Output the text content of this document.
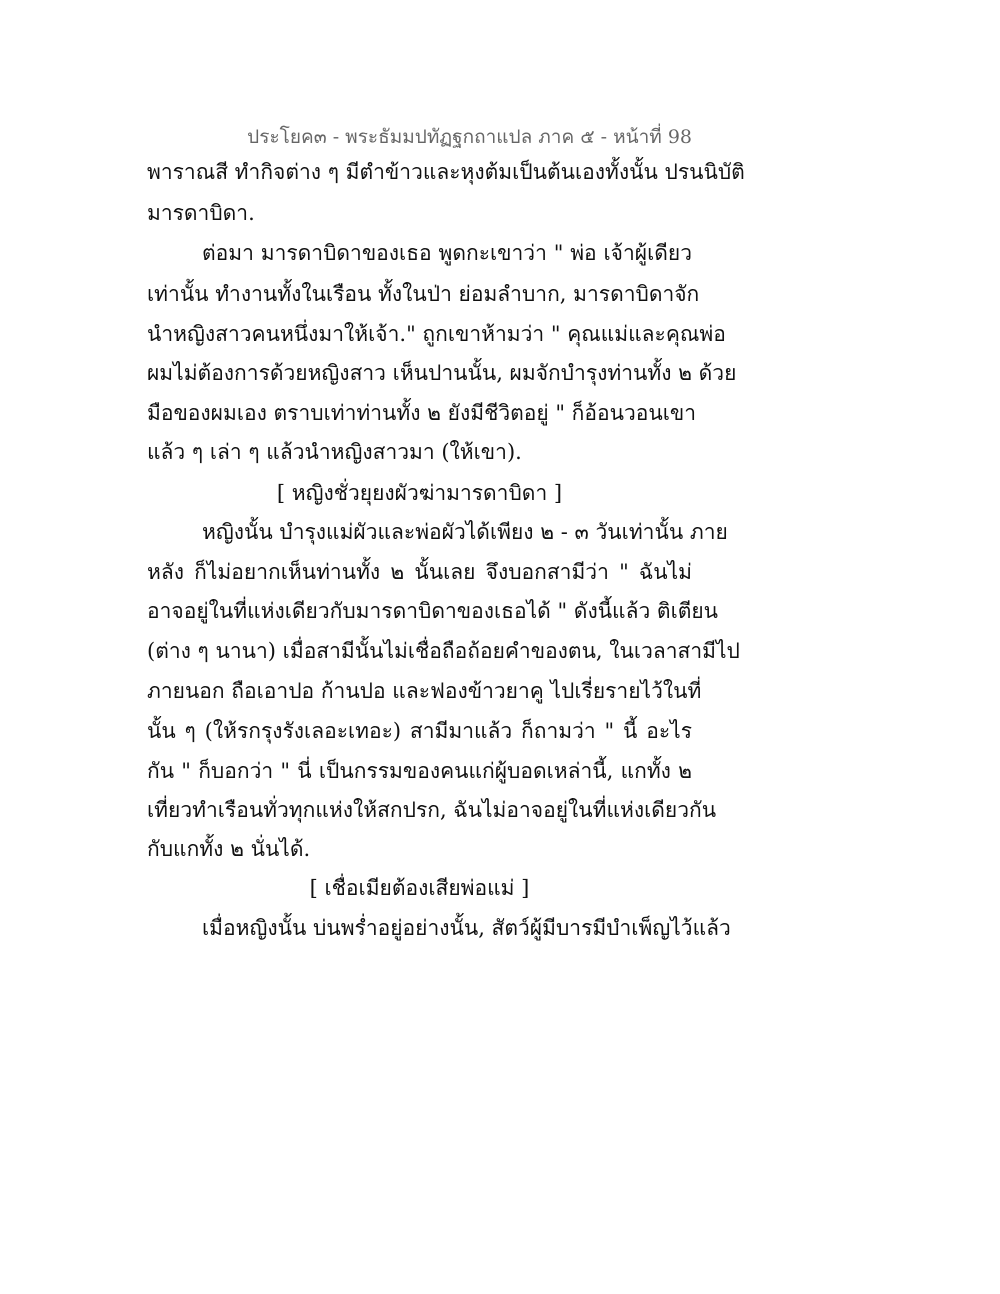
ประโยค๓ - พระธัมมปทัฏฐกถาแปล ภาค ๕ - หน้าที่ 98
พาราณสี ทำกิจต่าง ๆ มีตำข้าวและหุงต้มเป็นต้นเองทั้งนั้น ปรนนิบัติ
มารดาบิดา.
ต่อมา มารดาบิดาของเธอ พูดกะเขาว่า " พ่อ เจ้าผู้เดียว
เท่านั้น ทำงานทั้งในเรือน ทั้งในป่า ย่อมลำบาก, มารดาบิดาจัก
นำหญิงสาวคนหนึ่งมาให้เจ้า." ถูกเขาห้ามว่า " คุณแม่และคุณพ่อ
ผมไม่ต้องการด้วยหญิงสาว เห็นปานนั้น, ผมจักบำรุงท่านทั้ง ๒ ด้วย
มือของผมเอง ตราบเท่าท่านทั้ง ๒ ยังมีชีวิตอยู่ " ก็อ้อนวอนเขา
แล้ว ๆ เล่า ๆ แล้วนำหญิงสาวมา (ให้เขา).
[ หญิงชั่วยุยงผัวฆ่ามารดาบิดา ]
หญิงนั้น บำรุงแม่ผัวและพ่อผัวได้เพียง ๒ - ๓ วันเท่านั้น ภาย
หลัง ก็ไม่อยากเห็นท่านทั้ง ๒ นั้นเลย จึงบอกสามีว่า " ฉันไม่
อาจอยู่ในที่แห่งเดียวกับมารดาบิดาของเธอได้ " ดังนี้แล้ว ติเตียน
(ต่าง ๆ นานา) เมื่อสามีนั้นไม่เชื่อถือถ้อยคำของตน, ในเวลาสามีไป
ภายนอก ถือเอาปอ ก้านปอ และฟองข้าวยาคู ไปเรี่ยรายไว้ในที่
นั้น ๆ (ให้รกรุงรังเลอะเทอะ) สามีมาแล้ว ก็ถามว่า " นี้ อะไร
กัน " ก็บอกว่า " นี่ เป็นกรรมของคนแก่ผู้บอดเหล่านี้, แกทั้ง ๒
เที่ยวทำเรือนทั่วทุกแห่งให้สกปรก, ฉันไม่อาจอยู่ในที่แห่งเดียวกัน
กับแกทั้ง ๒ นั่นได้.
[ เชื่อเมียต้องเสียพ่อแม่ ]
เมื่อหญิงนั้น บ่นพร่ำอยู่อย่างนั้น, สัตว์ผู้มีบารมีบำเพ็ญไว้แล้ว
